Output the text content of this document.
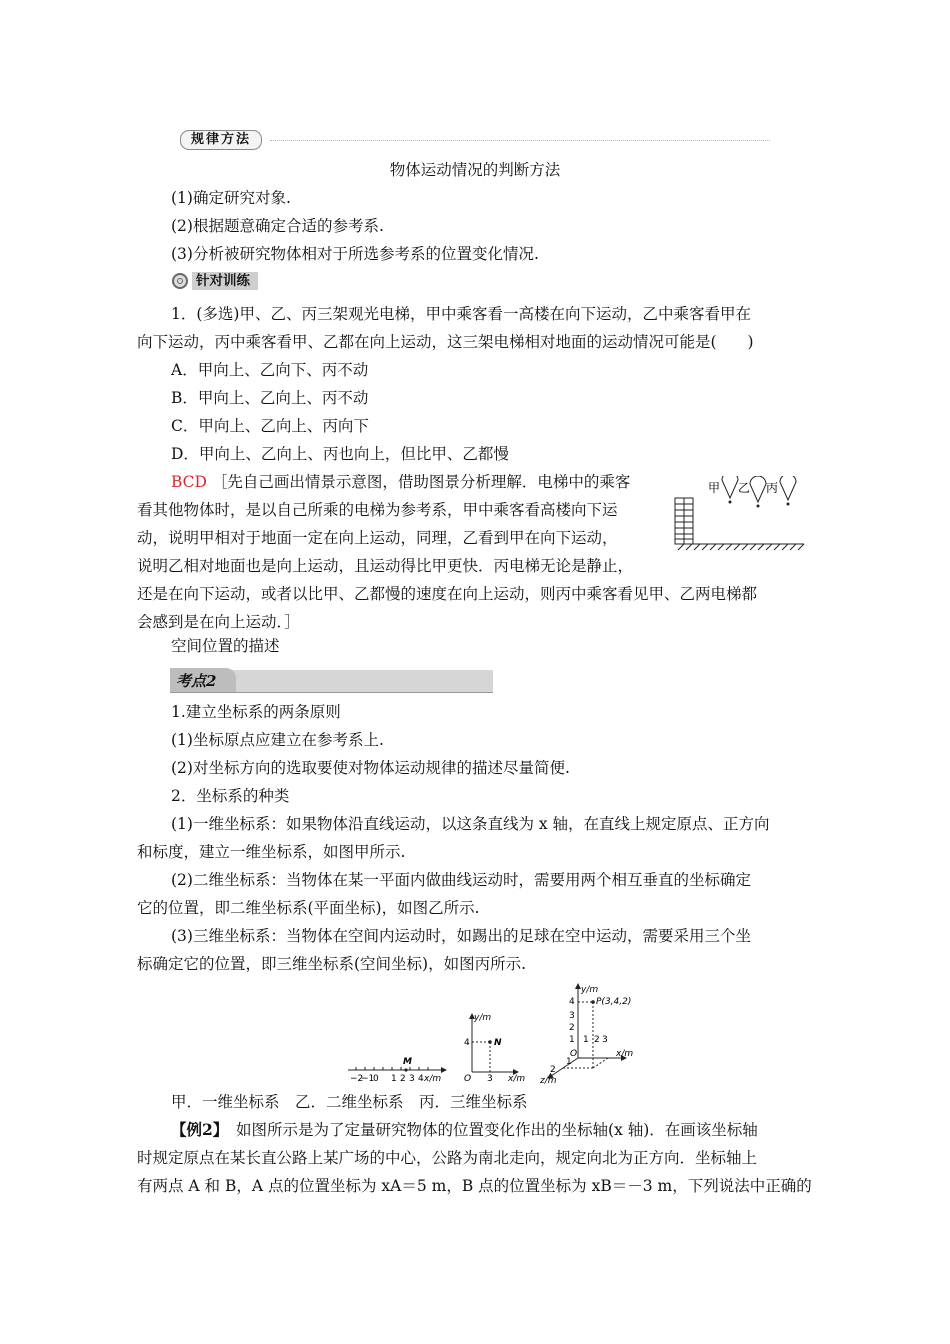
规律方法
物体运动情况的判断方法
(1)确定研究对象.
(2)根据题意确定合适的参考系.
(3)分析被研究物体相对于所选参考系的位置变化情况.
针对训练
1．(多选)甲、乙、丙三架观光电梯，甲中乘客看一高楼在向下运动，乙中乘客看甲在
向下运动，丙中乘客看甲、乙都在向上运动，这三架电梯相对地面的运动情况可能是(　　)
A．甲向上、乙向下、丙不动
B．甲向上、乙向上、丙不动
C．甲向上、乙向上、丙向下
D．甲向上、乙向上、丙也向上，但比甲、乙都慢
BCD ［先自己画出情景示意图，借助图景分析理解．电梯中的乘客
看其他物体时，是以自己所乘的电梯为参考系，甲中乘客看高楼向下运
动，说明甲相对于地面一定在向上运动，同理，乙看到甲在向下运动，
说明乙相对地面也是向上运动，且运动得比甲更快．丙电梯无论是静止，
还是在向下运动，或者以比甲、乙都慢的速度在向上运动，则丙中乘客看见甲、乙两电梯都
会感到是在向上运动．］
甲 乙 丙
空间位置的描述
考点2
1.建立坐标系的两条原则
(1)坐标原点应建立在参考系上.
(2)对坐标方向的选取要使对物体运动规律的描述尽量简便.
2．坐标系的种类
(1)一维坐标系：如果物体沿直线运动，以这条直线为 x 轴，在直线上规定原点、正方向
和标度，建立一维坐标系，如图甲所示.
(2)二维坐标系：当物体在某一平面内做曲线运动时，需要用两个相互垂直的坐标确定
它的位置，即二维坐标系(平面坐标)，如图乙所示.
(3)三维坐标系：当物体在空间内运动时，如踢出的足球在空中运动，需要采用三个坐
标确定它的位置，即三维坐标系(空间坐标)，如图丙所示.
M
−2
−1
0 1 2 3 4 x/m
N
y/m
4
3
O	x/m
y/m
P(3,4,2)
4
3
2
1 1 2 3
O
1
2
x/m
z/m
甲．一维坐标系　乙．二维坐标系　丙．三维坐标系
【例2】　如图所示是为了定量研究物体的位置变化作出的坐标轴(x 轴)．在画该坐标轴
时规定原点在某长直公路上某广场的中心，公路为南北走向，规定向北为正方向．坐标轴上
有两点 A 和 B，A 点的位置坐标为 xA＝5 m，B 点的位置坐标为 xB＝－3 m，下列说法中正确的
